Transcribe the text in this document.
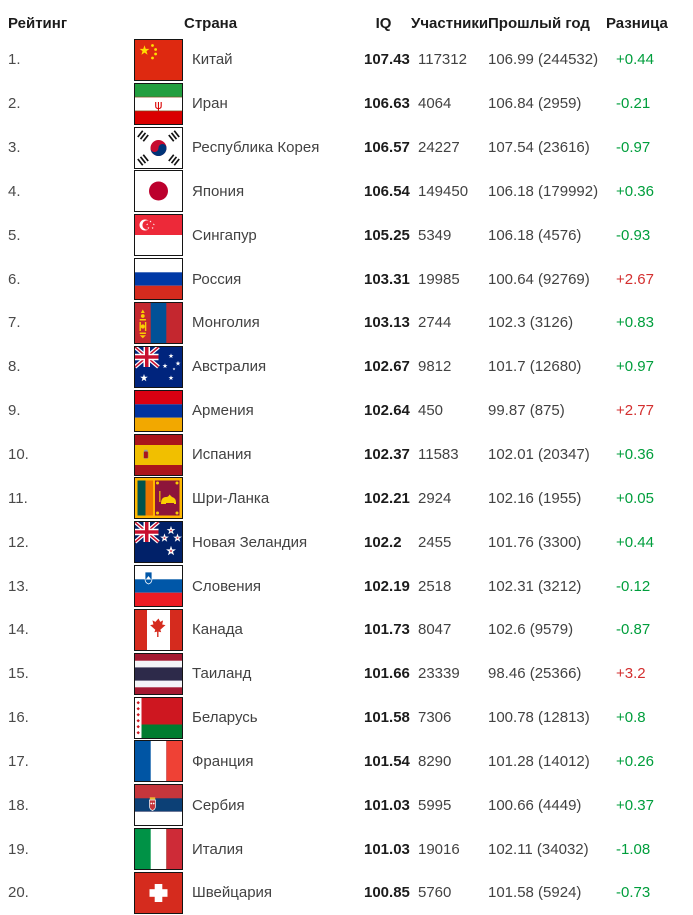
Рейтинг		Страна	IQ	Участники	Прошлый год	Разница
1.		Китай	107.43	117312	106.99 (244532)	+0.44
2.	ψ	Иран	106.63	4064	106.84 (2959)	-0.21
3.		Республика Корея	106.57	24227	107.54 (23616)	-0.97
4.		Япония	106.54	149450	106.18 (179992)	+0.36
5.		Сингапур	105.25	5349	106.18 (4576)	-0.93
6.		Россия	103.31	19985	100.64 (92769)	+2.67
7.		Монголия	103.13	2744	102.3 (3126)	+0.83
8.		Австралия	102.67	9812	101.7 (12680)	+0.97
9.		Армения	102.64	450	99.87 (875)	+2.77
10.		Испания	102.37	11583	102.01 (20347)	+0.36
11.		Шри-Ланка	102.21	2924	102.16 (1955)	+0.05
12.		Новая Зеландия	102.2	2455	101.76 (3300)	+0.44
13.		Словения	102.19	2518	102.31 (3212)	-0.12
14.		Канада	101.73	8047	102.6 (9579)	-0.87
15.		Таиланд	101.66	23339	98.46 (25366)	+3.2
16.		Беларусь	101.58	7306	100.78 (12813)	+0.8
17.		Франция	101.54	8290	101.28 (14012)	+0.26
18.		Сербия	101.03	5995	100.66 (4449)	+0.37
19.		Италия	101.03	19016	102.11 (34032)	-1.08
20.		Швейцария	100.85	5760	101.58 (5924)	-0.73
